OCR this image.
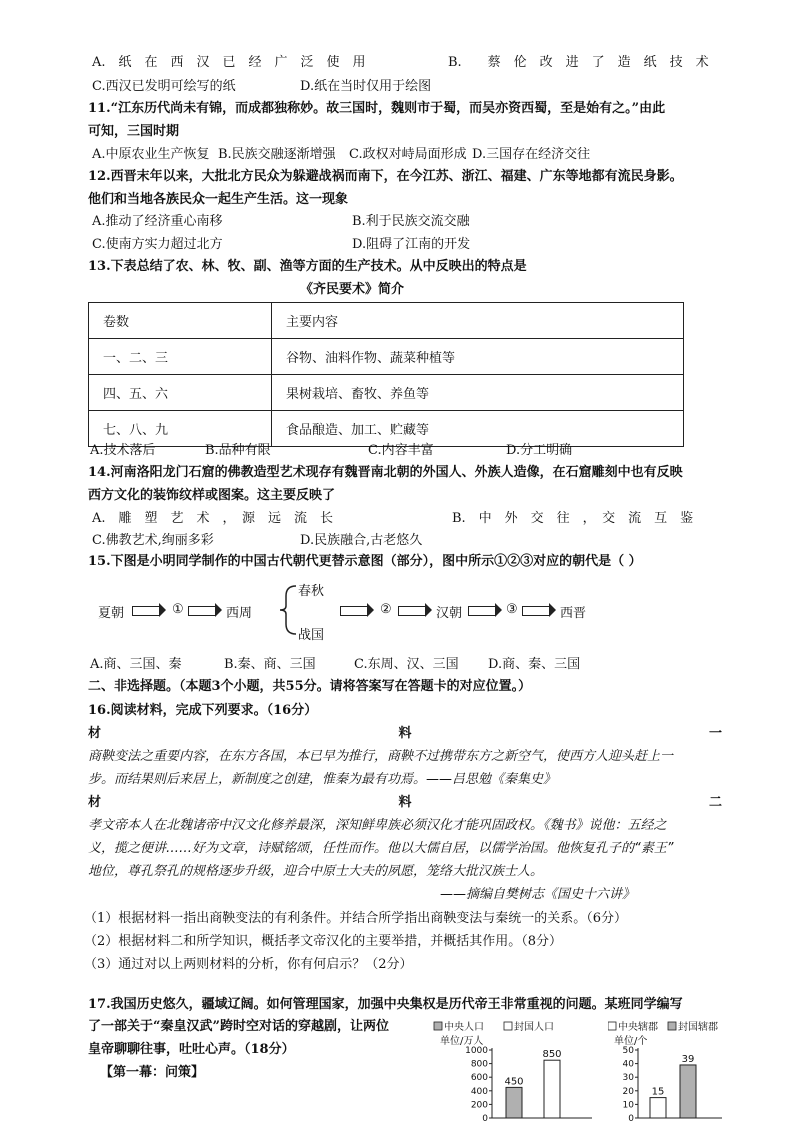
A.　纸　在　西　汉　已　经　广　泛　使　用	B.　　蔡　伦　改　进　了　造　纸　技　术
C.西汉已发明可绘写的纸	D.纸在当时仅用于绘图
11.“江东历代尚未有锦，而成都独称妙。故三国时，魏则市于蜀，而吴亦资西蜀，至是始有之。”由此
可知，三国时期
A.中原农业生产恢复 B.民族交融逐渐增强 C.政权对峙局面形成 D.三国存在经济交往
12.西晋末年以来，大批北方民众为躲避战祸而南下，在今江苏、浙江、福建、广东等地都有流民身影。
他们和当地各族民众一起生产生活。这一现象
A.推动了经济重心南移	B.利于民族交流交融
C.使南方实力超过北方	D.阻碍了江南的开发
13.下表总结了农、林、牧、副、渔等方面的生产技术。从中反映出的特点是
《齐民要术》简介
卷数	主要内容
一、二、三	谷物、油料作物、蔬菜种植等
四、五、六	果树栽培、畜牧、养鱼等
七、八、九	食品酿造、加工、贮藏等
A.技术落后	B.品种有限	C.内容丰富	D.分工明确
14.河南洛阳龙门石窟的佛教造型艺术现存有魏晋南北朝的外国人、外族人造像，在石窟雕刻中也有反映
西方文化的装饰纹样或图案。这主要反映了
A.　雕　塑　艺　术　，　源　远　流　长	B.　中　外　交　往　，　交　流　互　鉴
C.佛教艺术,绚丽多彩	D.民族融合,古老悠久
15.下图是小明同学制作的中国古代朝代更替示意图（部分），图中所示①②③对应的朝代是（ ）
夏朝	①	西周
春秋
战国
②	汉朝	③	西晋
A.商、三国、秦	B.秦、商、三国	C.东周、汉、三国 D.商、秦、三国
二、非选择题。（本题3个小题，共55分。请将答案写在答题卡的对应位置。）
16.阅读材料，完成下列要求。（16分）
材	料	一
商鞅变法之重要内容，在东方各国，本已早为推行，商鞅不过携带东方之新空气，使西方人迎头赶上一
步。而结果则后来居上，新制度之创建，惟秦为最有功焉。——吕思勉《秦集史》
材	料	二
孝文帝本人在北魏诸帝中汉文化修养最深，深知鲜卑族必须汉化才能巩固政权。《魏书》说他：五经之
义，揽之便讲……好为文章，诗赋铭颂，任性而作。他以大儒自居，以儒学治国。他恢复孔子的“素王”
地位，尊孔祭孔的规格逐步升级，迎合中原士大夫的夙愿，笼络大批汉族士人。
——摘编自樊树志《国史十六讲》
（1）根据材料一指出商鞅变法的有利条件。并结合所学指出商鞅变法与秦统一的关系。（6分）
（2）根据材料二和所学知识，概括孝文帝汉化的主要举措，并概括其作用。（8分）
（3）通过对以上两则材料的分析，你有何启示？（2分）
17.我国历史悠久，疆域辽阔。如何管理国家，加强中央集权是历代帝王非常重视的问题。某班同学编写
了一部关于“秦皇汉武”跨时空对话的穿越剧，让两位
皇帝聊聊往事，吐吐心声。（18分）
【第一幕：问策】
中央人口	封国人口
单位/万人
0
200
400
600
800
1000
450
850
中央辖郡 封国辖郡
单位/个
0
10
20
30
40
50
15
39
